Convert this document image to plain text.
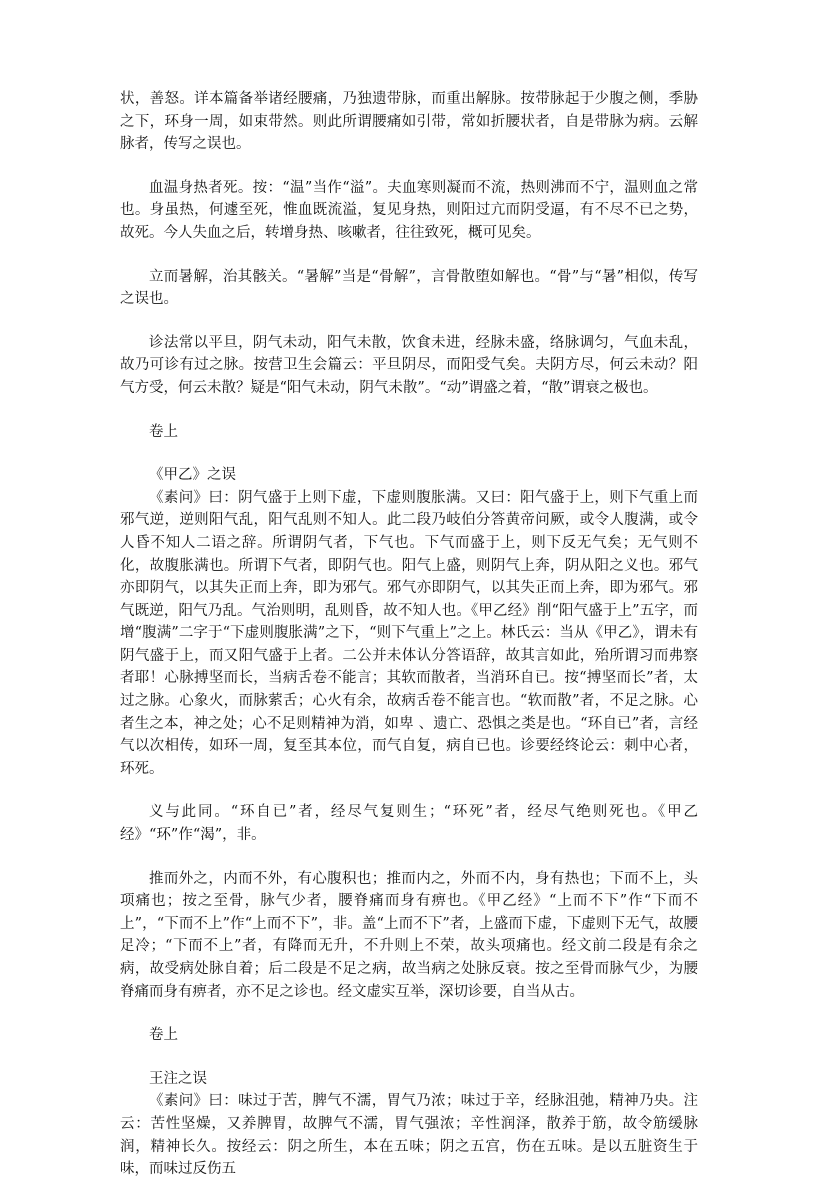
状，善怒。详本篇备举诸经腰痛，乃独遗带脉，而重出解脉。按带脉起于少腹之侧，季胁之下，环身一周，如束带然。则此所谓腰痛如引带，常如折腰状者，自是带脉为病。云解脉者，传写之误也。

血温身热者死。按：“温”当作“溢”。夫血寒则凝而不流，热则沸而不宁，温则血之常也。身虽热，何遽至死，惟血既流溢，复见身热，则阳过亢而阴受逼，有不尽不已之势，故死。今人失血之后，转增身热、咳嗽者，往往致死，概可见矣。

立而暑解，治其骸关。“暑解”当是“骨解”，言骨散堕如解也。“骨”与“暑”相似，传写之误也。

诊法常以平旦，阴气未动，阳气未散，饮食未进，经脉未盛，络脉调匀，气血未乱，故乃可诊有过之脉。按营卫生会篇云：平旦阴尽，而阳受气矣。夫阴方尽，何云未动？阳气方受，何云未散？疑是“阳气未动，阴气未散”。“动”谓盛之着，“散”谓衰之极也。

卷上

《甲乙》之误

《素问》曰：阴气盛于上则下虚，下虚则腹胀满。又曰：阳气盛于上，则下气重上而邪气逆，逆则阳气乱，阳气乱则不知人。此二段乃岐伯分答黄帝问厥，或令人腹满，或令人昏不知人二语之辞。所谓阴气者，下气也。下气而盛于上，则下反无气矣；无气则不化，故腹胀满也。所谓下气者，即阴气也。阳气上盛，则阴气上奔，阴从阳之义也。邪气亦即阴气，以其失正而上奔，即为邪气。邪气亦即阴气，以其失正而上奔，即为邪气。邪气既逆，阳气乃乱。气治则明，乱则昏，故不知人也。《甲乙经》削“阳气盛于上”五字，而增“腹满”二字于“下虚则腹胀满”之下，“则下气重上”之上。林氏云：当从《甲乙》，谓未有阴气盛于上，而又阳气盛于上者。二公并未体认分答语辞，故其言如此，殆所谓习而弗察者耶！心脉搏坚而长，当病舌卷不能言；其软而散者，当消环自已。按“搏坚而长”者，太过之脉。心象火，而脉萦舌；心火有余，故病舌卷不能言也。“软而散”者，不足之脉。心者生之本，神之处；心不足则精神为消，如卑 、遗亡、恐惧之类是也。“环自已”者，言经气以次相传，如环一周，复至其本位，而气自复，病自已也。诊要经终论云：刺中心者，环死。

义与此同。“环自已”者，经尽气复则生；“环死”者，经尽气绝则死也。《甲乙经》“环”作“渴”，非。

推而外之，内而不外，有心腹积也；推而内之，外而不内，身有热也；下而不上，头项痛也；按之至骨，脉气少者，腰脊痛而身有痹也。《甲乙经》“上而不下”作“下而不上”，“下而不上”作“上而不下”，非。盖“上而不下”者，上盛而下虚，下虚则下无气，故腰足冷；“下而不上”者，有降而无升，不升则上不荣，故头项痛也。经文前二段是有余之病，故受病处脉自着；后二段是不足之病，故当病之处脉反衰。按之至骨而脉气少，为腰脊痛而身有痹者，亦不足之诊也。经文虚实互举，深切诊要，自当从古。

卷上

王注之误

《素问》曰：味过于苦，脾气不濡，胃气乃浓；味过于辛，经脉沮弛，精神乃央。注云：苦性坚燥，又养脾胃，故脾气不濡，胃气强浓；辛性润泽，散养于筋，故令筋缓脉润，精神长久。按经云：阴之所生，本在五味；阴之五宫，伤在五味。是以五脏资生于味，而味过反伤五
